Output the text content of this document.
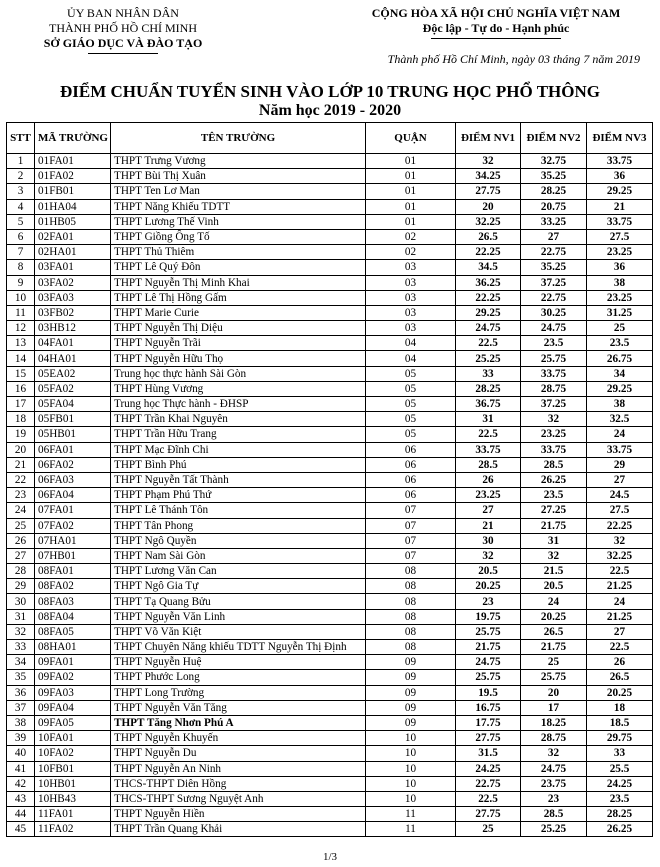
ỦY BAN NHÂN DÂN
THÀNH PHỐ HỒ CHÍ MINH
SỞ GIÁO DỤC VÀ ĐÀO TẠO
CỘNG HÒA XÃ HỘI CHỦ NGHĨA VIỆT NAM
Độc lập - Tự do - Hạnh phúc
Thành phố Hồ Chí Minh, ngày 03 tháng 7 năm 2019
ĐIỂM CHUẨN TUYỂN SINH VÀO LỚP 10 TRUNG HỌC PHỔ THÔNG
Năm học 2019 - 2020
STT	MÃ TRƯỜNG	TÊN TRƯỜNG	QUẬN	ĐIỂM NV1	ĐIỂM NV2	ĐIỂM NV3
1	01FA01	THPT Trưng Vương	01	32	32.75	33.75
2	01FA02	THPT Bùi Thị Xuân	01	34.25	35.25	36
3	01FB01	THPT Ten Lơ Man	01	27.75	28.25	29.25
4	01HA04	THPT Năng Khiếu TDTT	01	20	20.75	21
5	01HB05	THPT Lương Thế Vinh	01	32.25	33.25	33.75
6	02FA01	THPT Giồng Ông Tố	02	26.5	27	27.5
7	02HA01	THPT Thủ Thiêm	02	22.25	22.75	23.25
8	03FA01	THPT Lê Quý Đôn	03	34.5	35.25	36
9	03FA02	THPT Nguyễn Thị Minh Khai	03	36.25	37.25	38
10	03FA03	THPT Lê Thị Hồng Gấm	03	22.25	22.75	23.25
11	03FB02	THPT Marie Curie	03	29.25	30.25	31.25
12	03HB12	THPT Nguyễn Thị Diệu	03	24.75	24.75	25
13	04FA01	THPT Nguyễn Trãi	04	22.5	23.5	23.5
14	04HA01	THPT Nguyễn Hữu Thọ	04	25.25	25.75	26.75
15	05EA02	Trung học thực hành Sài Gòn	05	33	33.75	34
16	05FA02	THPT Hùng Vương	05	28.25	28.75	29.25
17	05FA04	Trung học Thực hành - ĐHSP	05	36.75	37.25	38
18	05FB01	THPT Trần Khai Nguyên	05	31	32	32.5
19	05HB01	THPT Trần Hữu Trang	05	22.5	23.25	24
20	06FA01	THPT Mạc Đĩnh Chi	06	33.75	33.75	33.75
21	06FA02	THPT Bình Phú	06	28.5	28.5	29
22	06FA03	THPT Nguyễn Tất Thành	06	26	26.25	27
23	06FA04	THPT Phạm Phú Thứ	06	23.25	23.5	24.5
24	07FA01	THPT Lê Thánh Tôn	07	27	27.25	27.5
25	07FA02	THPT Tân Phong	07	21	21.75	22.25
26	07HA01	THPT Ngô Quyền	07	30	31	32
27	07HB01	THPT Nam Sài Gòn	07	32	32	32.25
28	08FA01	THPT Lương Văn Can	08	20.5	21.5	22.5
29	08FA02	THPT Ngô Gia Tự	08	20.25	20.5	21.25
30	08FA03	THPT Tạ Quang Bửu	08	23	24	24
31	08FA04	THPT Nguyễn Văn Linh	08	19.75	20.25	21.25
32	08FA05	THPT Võ Văn Kiệt	08	25.75	26.5	27
33	08HA01	THPT Chuyên Năng khiếu TDTT Nguyễn Thị Định	08	21.75	21.75	22.5
34	09FA01	THPT Nguyễn Huệ	09	24.75	25	26
35	09FA02	THPT Phước Long	09	25.75	25.75	26.5
36	09FA03	THPT Long Trường	09	19.5	20	20.25
37	09FA04	THPT Nguyễn Văn Tăng	09	16.75	17	18
38	09FA05	THPT Tăng Nhơn Phú A	09	17.75	18.25	18.5
39	10FA01	THPT Nguyễn Khuyến	10	27.75	28.75	29.75
40	10FA02	THPT Nguyễn Du	10	31.5	32	33
41	10FB01	THPT Nguyễn An Ninh	10	24.25	24.75	25.5
42	10HB01	THCS-THPT Diên Hồng	10	22.75	23.75	24.25
43	10HB43	THCS-THPT Sương Nguyệt Anh	10	22.5	23	23.5
44	11FA01	THPT Nguyễn Hiền	11	27.75	28.5	28.25
45	11FA02	THPT Trần Quang Khải	11	25	25.25	26.25
1/3
